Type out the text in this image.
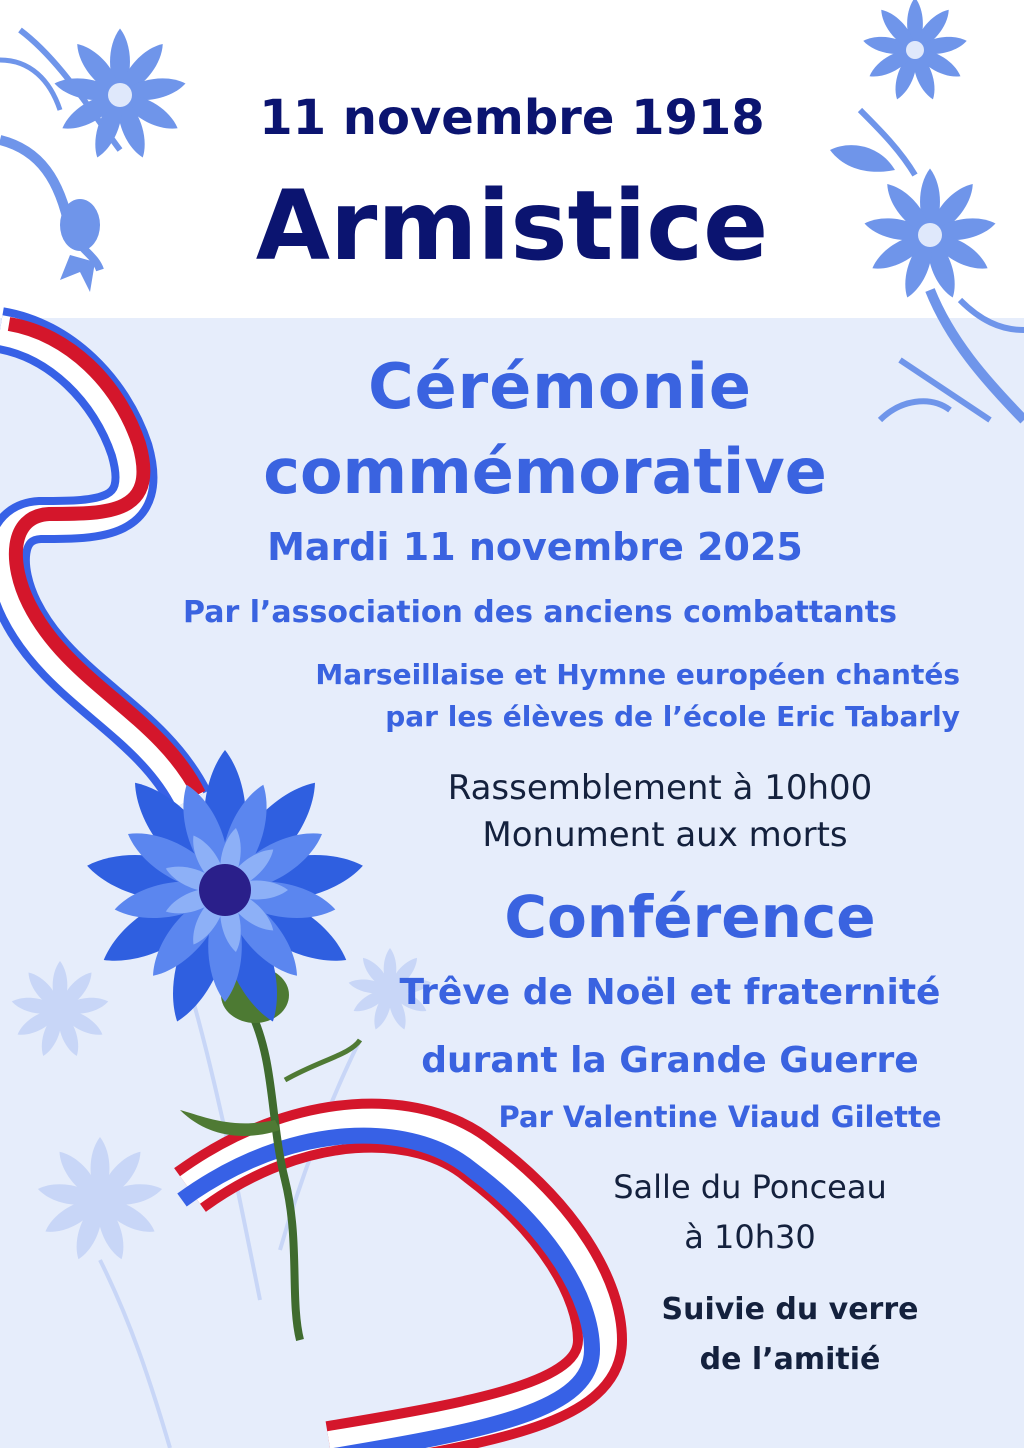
11 novembre 1918
Armistice
Cérémonie
commémorative
Mardi 11 novembre 2025
Par l’association des anciens combattants
Marseillaise et Hymne européen chantés
par les élèves de l’école Eric Tabarly
Rassemblement à 10h00
Monument aux morts
Conférence
Trêve de Noël et fraternité
durant la Grande Guerre
Par Valentine Viaud Gilette
Salle du Ponceau
à 10h30
Suivie du verre
de l’amitié
